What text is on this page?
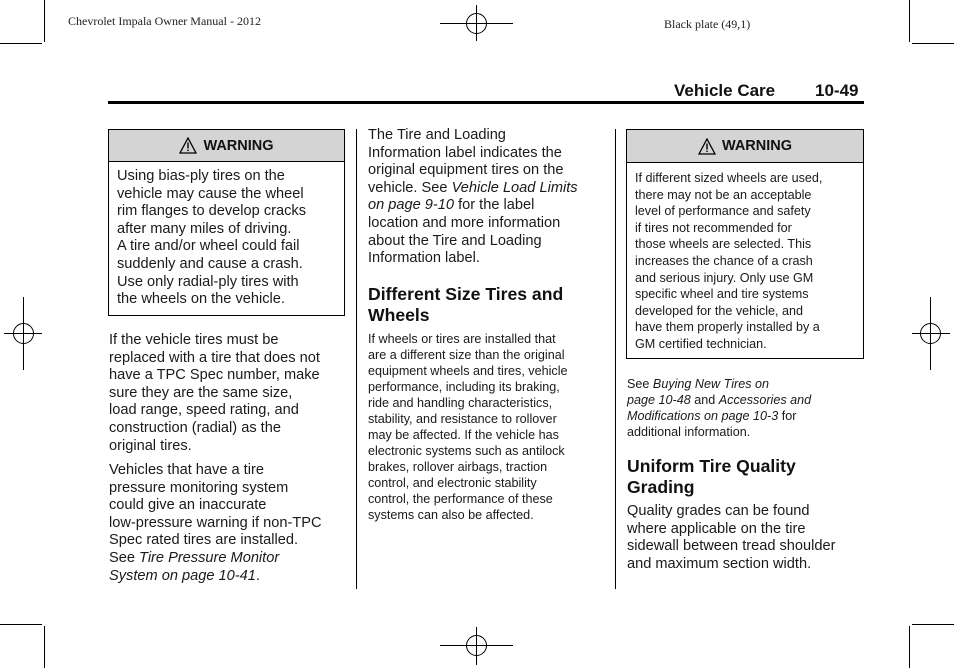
Chevrolet Impala Owner Manual - 2012	Black plate (49,1)
Vehicle Care 10-49
WARNING
Using bias-ply tires on the
vehicle may cause the wheel
rim flanges to develop cracks
after many miles of driving.
A tire and/or wheel could fail
suddenly and cause a crash.
Use only radial-ply tires with
the wheels on the vehicle.
If the vehicle tires must be
replaced with a tire that does not
have a TPC Spec number, make
sure they are the same size,
load range, speed rating, and
construction (radial) as the
original tires.
Vehicles that have a tire
pressure monitoring system
could give an inaccurate
low-pressure warning if non-TPC
Spec rated tires are installed.
See Tire Pressure Monitor
System on page 10-41.
The Tire and Loading
Information label indicates the
original equipment tires on the
vehicle. See Vehicle Load Limits
on page 9-10 for the label
location and more information
about the Tire and Loading
Information label.
Different Size Tires and
Wheels
If wheels or tires are installed that
are a different size than the original
equipment wheels and tires, vehicle
performance, including its braking,
ride and handling characteristics,
stability, and resistance to rollover
may be affected. If the vehicle has
electronic systems such as antilock
brakes, rollover airbags, traction
control, and electronic stability
control, the performance of these
systems can also be affected.
WARNING
If different sized wheels are used,
there may not be an acceptable
level of performance and safety
if tires not recommended for
those wheels are selected. This
increases the chance of a crash
and serious injury. Only use GM
specific wheel and tire systems
developed for the vehicle, and
have them properly installed by a
GM certified technician.
See Buying New Tires on
page 10-48 and Accessories and
Modifications on page 10-3 for
additional information.
Uniform Tire Quality
Grading
Quality grades can be found
where applicable on the tire
sidewall between tread shoulder
and maximum section width.
